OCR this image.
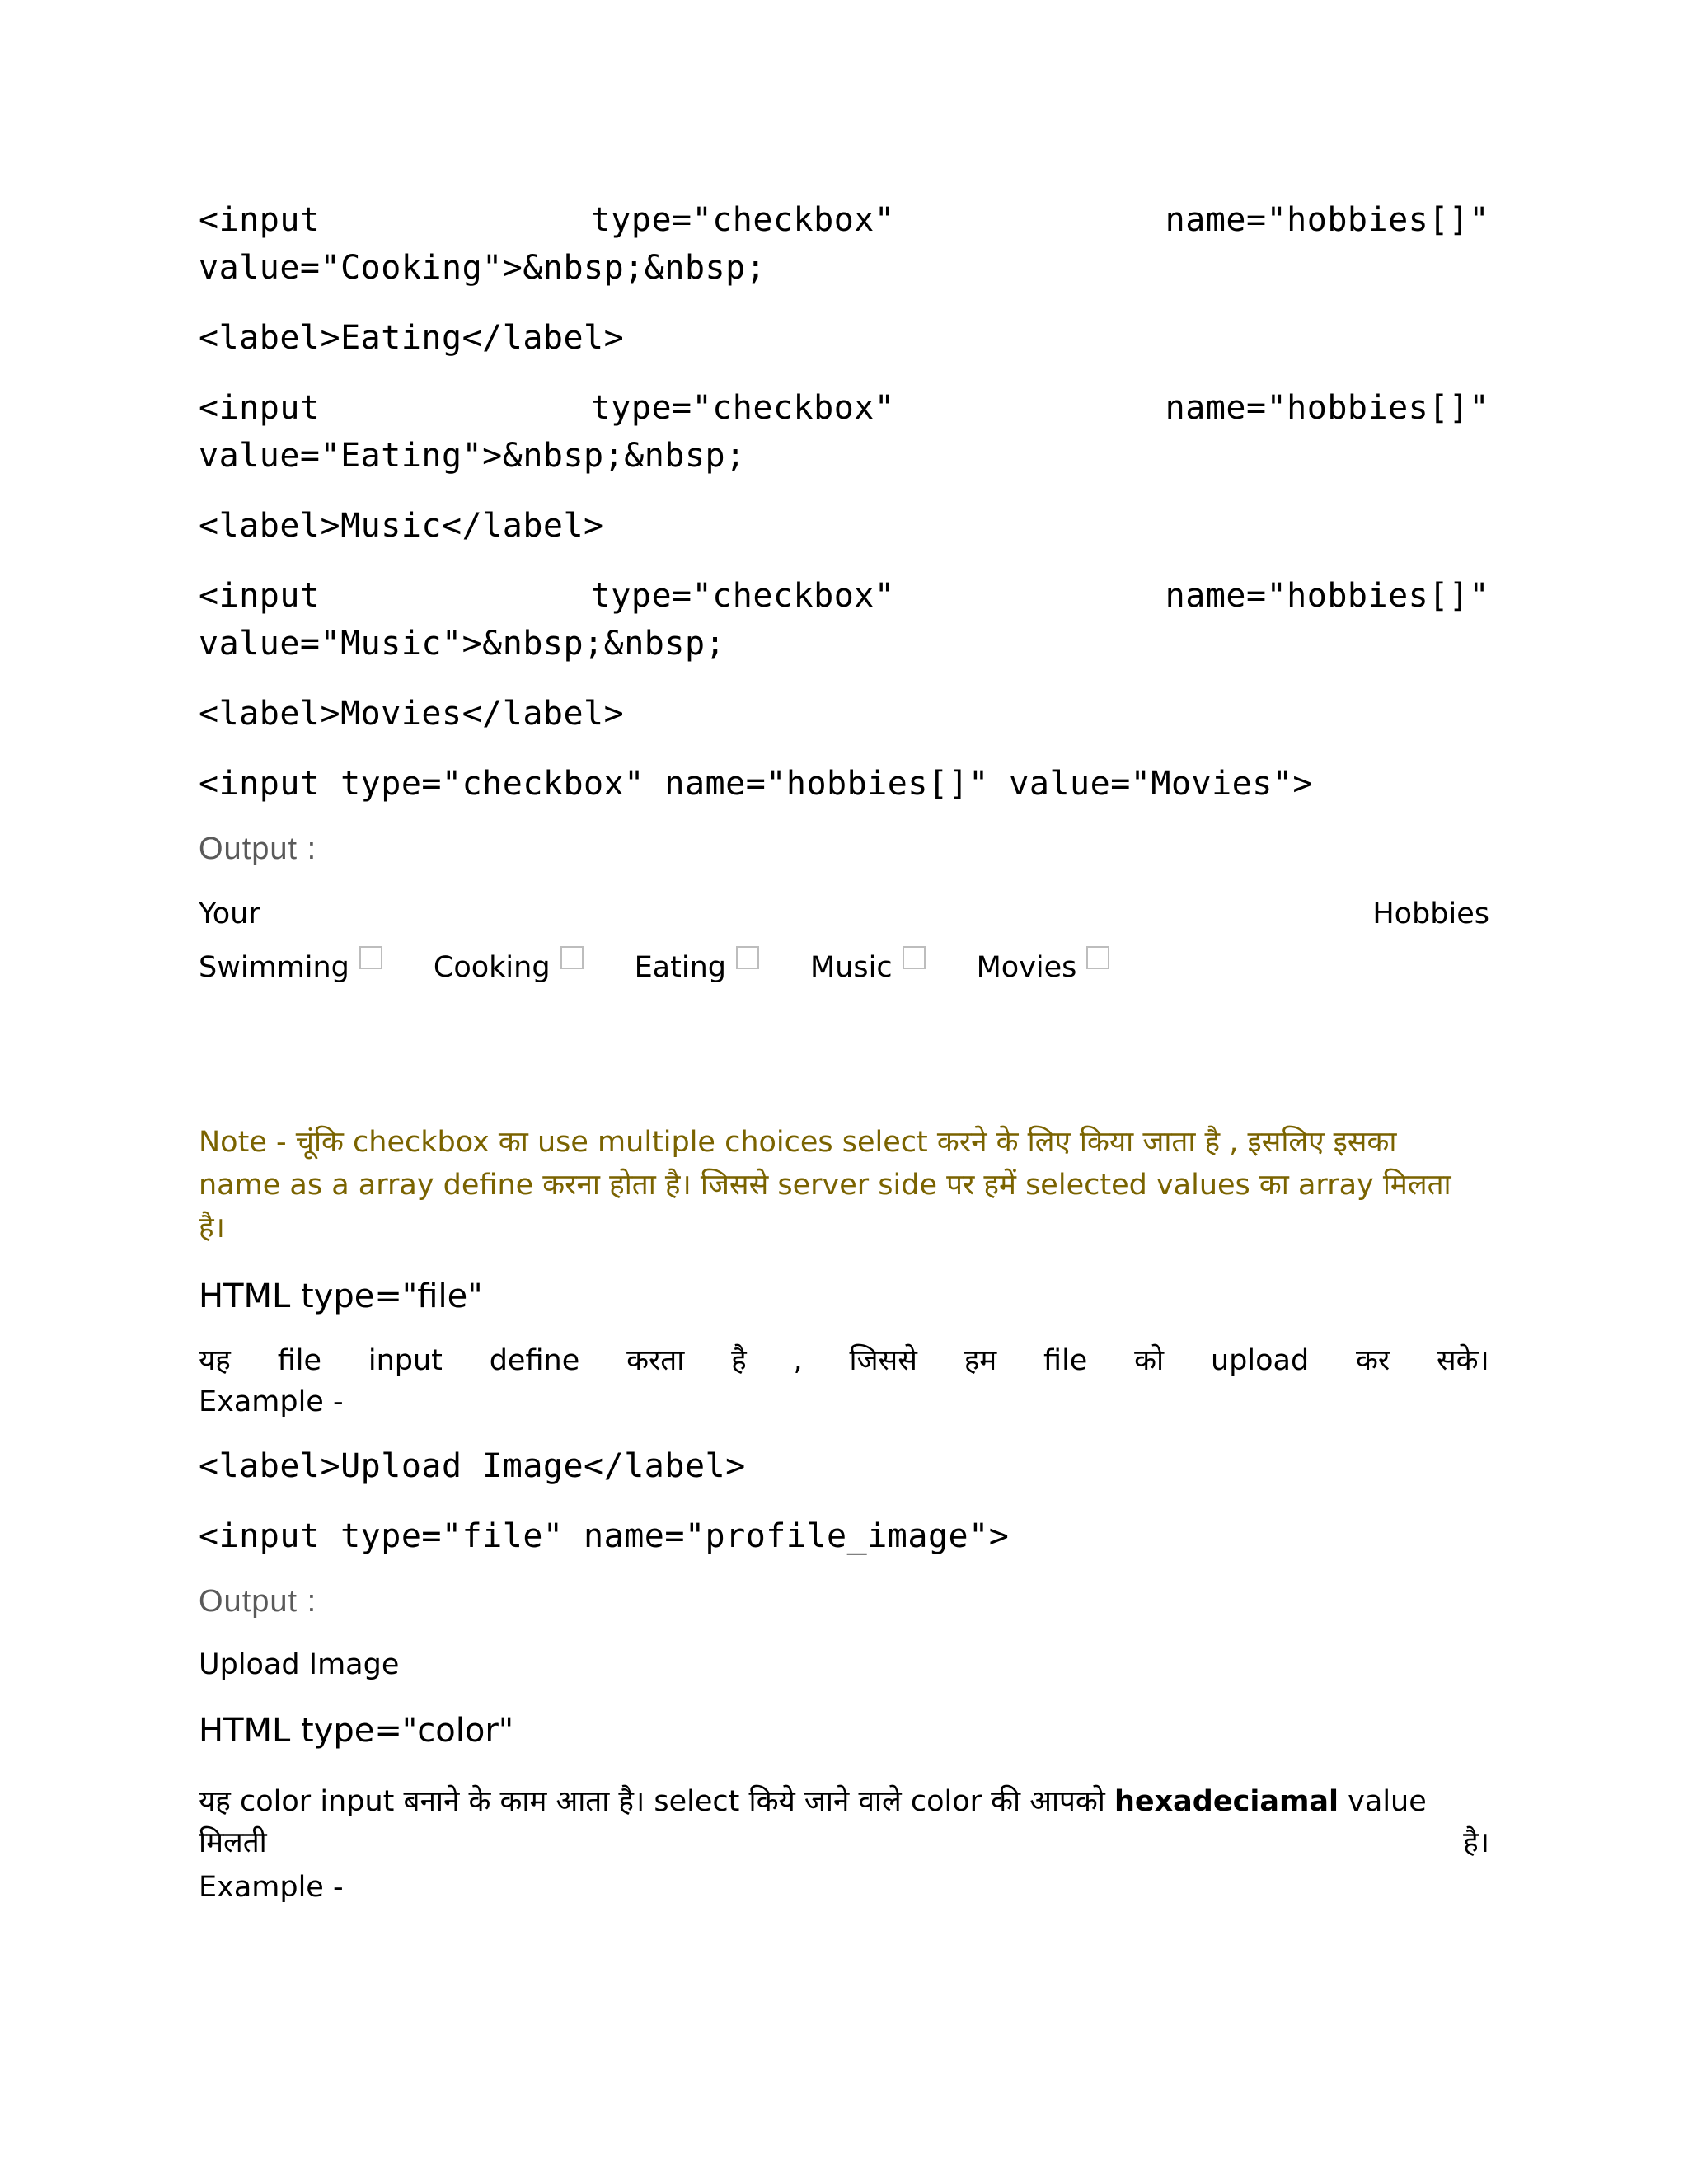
<input	type="checkbox"	name="hobbies[]"
value="Cooking">&nbsp;&nbsp;
<label>Eating</label>
<input	type="checkbox"	name="hobbies[]"
value="Eating">&nbsp;&nbsp;
<label>Music</label>
<input	type="checkbox"	name="hobbies[]"
value="Music">&nbsp;&nbsp;
<label>Movies</label>
<input type="checkbox" name="hobbies[]" value="Movies">
Output :
Your	Hobbies
Swimming	Cooking	Eating	Music	Movies
Note - चूंकि checkbox का use multiple choices select करने के लिए किया जाता है , इसलिए इसका
name as a array define करना होता है। जिससे server side पर हमें selected values का array मिलता
है।
HTML type="file"
यह file input define करता है , जिससे हम file को upload कर सके।
Example -
<label>Upload Image</label>
<input type="file" name="profile_image">
Output :
Upload Image
HTML type="color"
यह color input बनाने के काम आता है। select किये जाने वाले color की आपको hexadeciamal value
मिलती	है।
Example -
